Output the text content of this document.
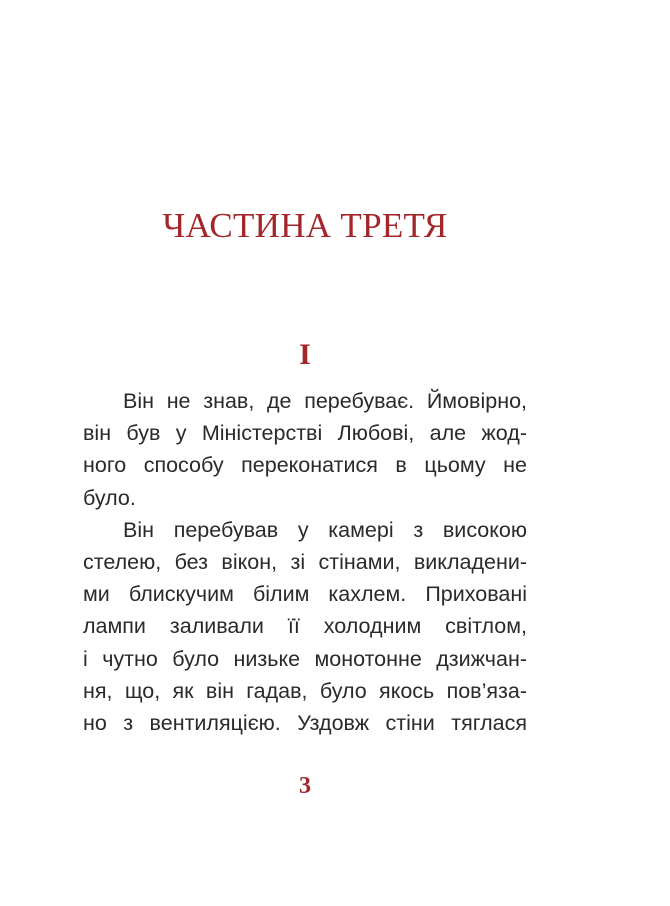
ЧАСТИНА ТРЕТЯ
I
Він не знав, де перебуває. Ймовірно,
він був у Міністерстві Любові, але жод-
ного способу переконатися в цьому не
було.
Він перебував у камері з високою
стелею, без вікон, зі стінами, викладени-
ми блискучим білим кахлем. Приховані
лампи заливали її холодним світлом,
і чутно було низьке монотонне дзижчан-
ня, що, як він гадав, було якось пов’яза-
но з вентиляцією. Уздовж стіни тяглася
3
